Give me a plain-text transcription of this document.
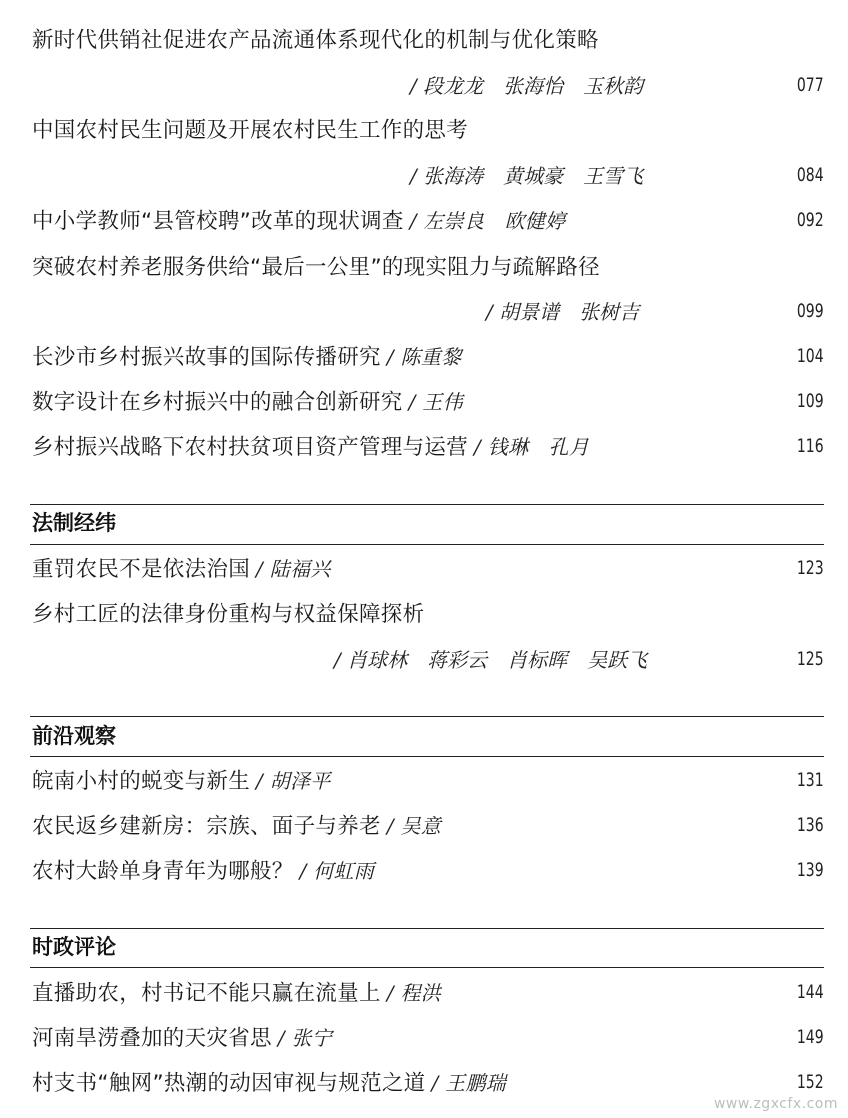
新时代供销社促进农产品流通体系现代化的机制与优化策略
/ 段龙龙　张海怡　玉秋韵	077
中国农村民生问题及开展农村民生工作的思考
/ 张海涛　黄城豪　王雪飞	084
中小学教师“县管校聘”改革的现状调查 / 左崇良　欧健婷	092
突破农村养老服务供给“最后一公里”的现实阻力与疏解路径
/ 胡景谱　张树吉	099
长沙市乡村振兴故事的国际传播研究 / 陈重黎	104
数字设计在乡村振兴中的融合创新研究 / 王伟	109
乡村振兴战略下农村扶贫项目资产管理与运营 / 钱琳　孔月	116
法制经纬
重罚农民不是依法治国 / 陆福兴	123
乡村工匠的法律身份重构与权益保障探析
/ 肖球林　蒋彩云　肖标晖　吴跃飞	125
前沿观察
皖南小村的蜕变与新生 / 胡泽平	131
农民返乡建新房：宗族、面子与养老 / 吴意	136
农村大龄单身青年为哪般？ / 何虹雨	139
时政评论
直播助农，村书记不能只赢在流量上 / 程洪	144
河南旱涝叠加的天灾省思 / 张宁	149
村支书“触网”热潮的动因审视与规范之道 / 王鹏瑞	152
www.zgxcfx.com
